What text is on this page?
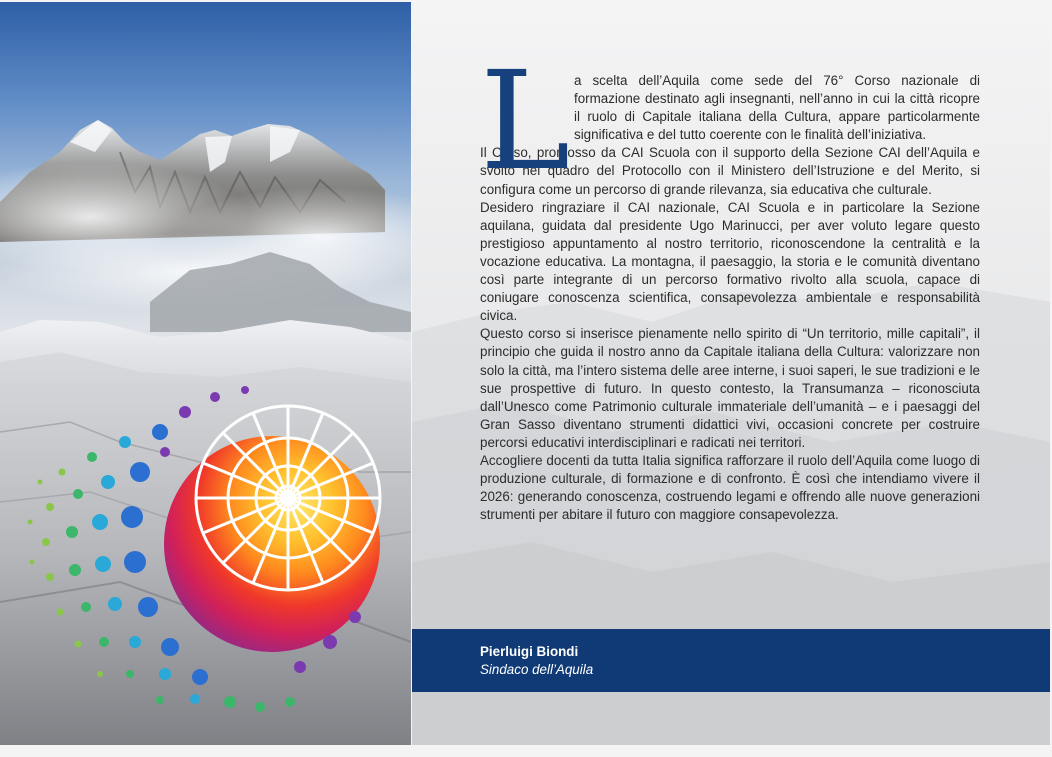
L a scelta dell’Aquila come sede del 76° Corso nazionale di formazione destinato agli insegnanti, nell’anno in cui la città ricopre il ruolo di Capitale italiana della Cultura, appare particolarmente significativa e del tutto coerente con le finalità dell’iniziativa.

Il Corso, promosso da CAI Scuola con il supporto della Sezione CAI dell’Aquila e svolto nel quadro del Protocollo con il Ministero dell’Istruzione e del Merito, si configura come un percorso di grande rilevanza, sia educativa che culturale.

Desidero ringraziare il CAI nazionale, CAI Scuola e in particolare la Sezione aquilana, guidata dal presidente Ugo Marinucci, per aver voluto legare questo prestigioso appuntamento al nostro territorio, riconoscendone la centralità e la vocazione educativa. La montagna, il paesaggio, la storia e le comunità diventano così parte integrante di un percorso formativo rivolto alla scuola, capace di coniugare conoscenza scientifica, consapevolezza ambientale e responsabilità civica.

Questo corso si inserisce pienamente nello spirito di “Un territorio, mille capitali”, il principio che guida il nostro anno da Capitale italiana della Cultura: valorizzare non solo la città, ma l’intero sistema delle aree interne, i suoi saperi, le sue tradizioni e le sue prospettive di futuro. In questo contesto, la Transumanza – riconosciuta dall’Unesco come Patrimonio culturale immateriale dell’umanità – e i paesaggi del Gran Sasso diventano strumenti didattici vivi, occasioni concrete per costruire percorsi educativi interdisciplinari e radicati nei territori.

Accogliere docenti da tutta Italia significa rafforzare il ruolo dell’Aquila come luogo di produzione culturale, di formazione e di confronto. È così che intendiamo vivere il 2026: generando conoscenza, costruendo legami e offrendo alle nuove generazioni strumenti per abitare il futuro con maggiore consapevolezza.

Pierluigi Biondi
Sindaco dell’Aquila
